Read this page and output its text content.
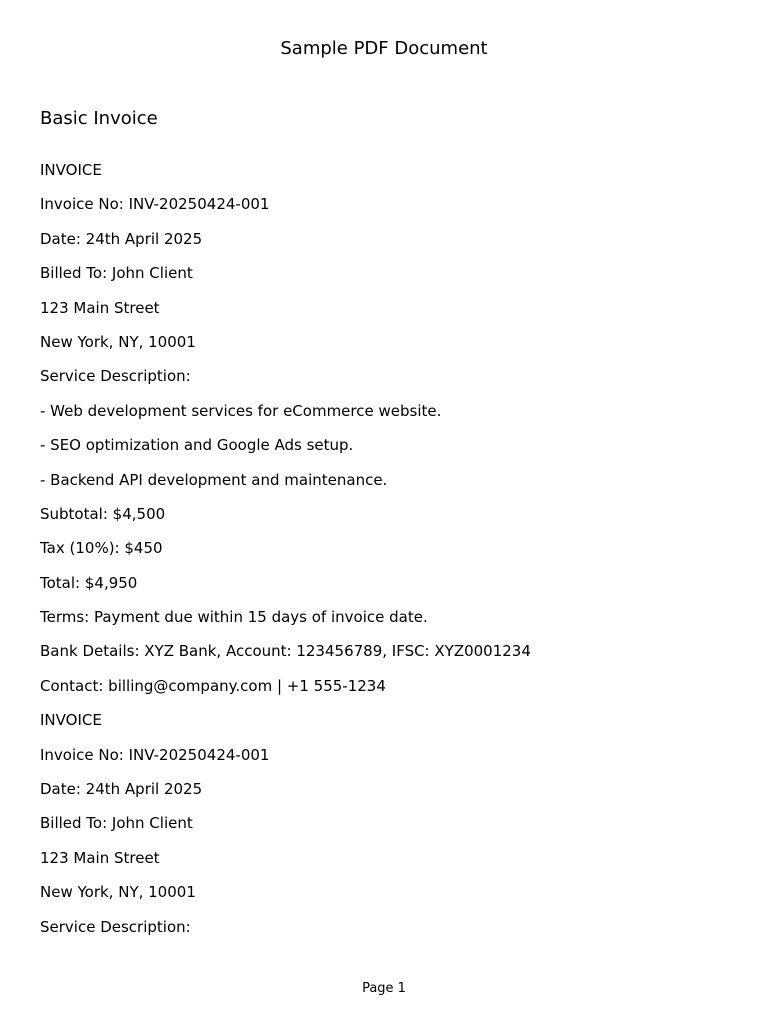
Sample PDF Document
Basic Invoice
INVOICE
Invoice No: INV-20250424-001
Date: 24th April 2025
Billed To: John Client
123 Main Street
New York, NY, 10001
Service Description:
- Web development services for eCommerce website.
- SEO optimization and Google Ads setup.
- Backend API development and maintenance.
Subtotal: $4,500
Tax (10%): $450
Total: $4,950
Terms: Payment due within 15 days of invoice date.
Bank Details: XYZ Bank, Account: 123456789, IFSC: XYZ0001234
Contact: billing@company.com | +1 555-1234
INVOICE
Invoice No: INV-20250424-001
Date: 24th April 2025
Billed To: John Client
123 Main Street
New York, NY, 10001
Service Description:
Page 1
